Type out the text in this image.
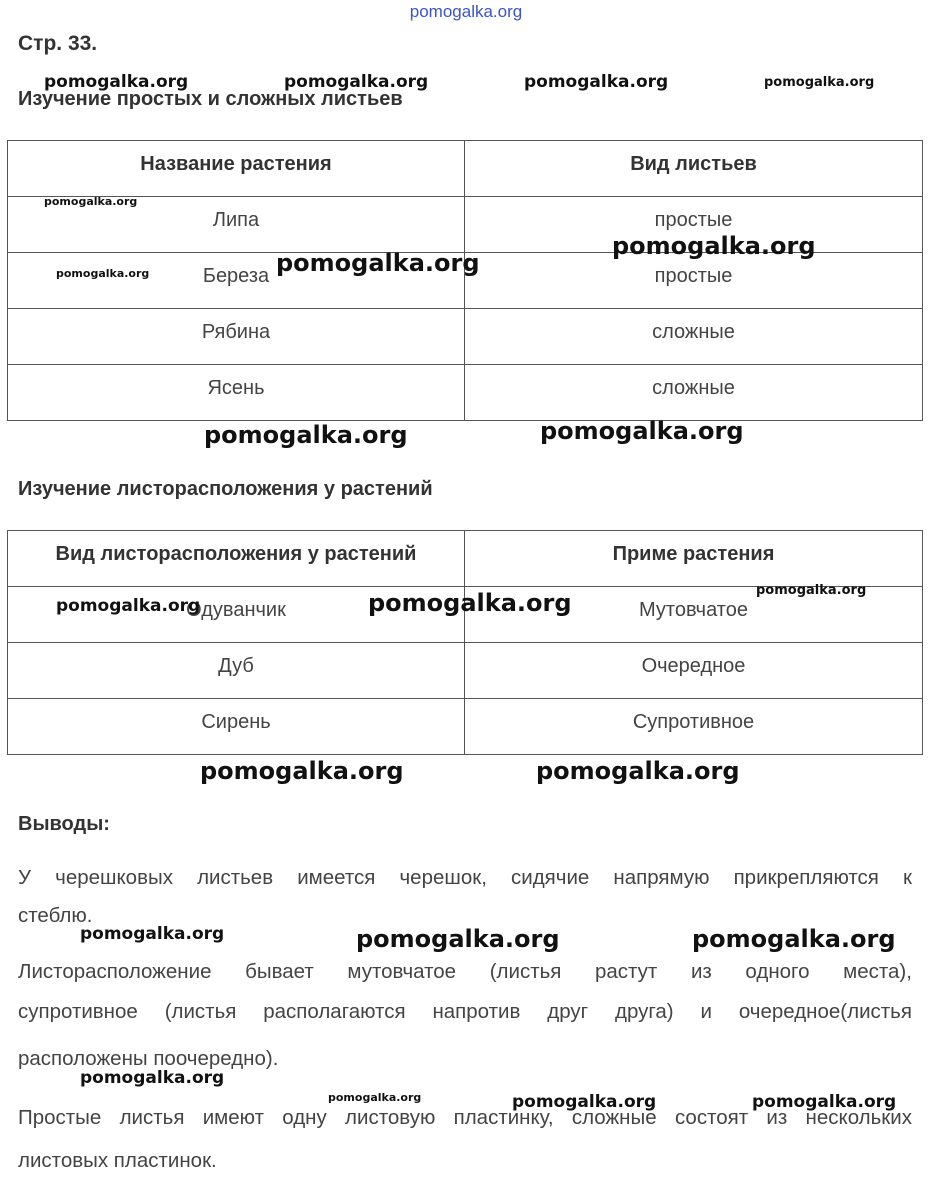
pomogalka.org
Стр. 33.
Изучение простых и сложных листьев
Название растения	Вид листьев

Липа	простые

Береза	простые

Рябина	сложные

Ясень	сложные
Изучение листорасположения у растений
Вид листорасположения у растений	Приме растения

Одуванчик	Мутовчатое

Дуб	Очередное

Сирень	Супротивное
Выводы:
У черешковых листьев имеется черешок, сидячие напрямую прикрепляются к
стеблю.
Листорасположение бывает мутовчатое (листья растут из одного места),
супротивное (листья располагаются напротив друг друга) и очередное(листья
расположены поочередно).
Простые листья имеют одну листовую пластинку, сложные состоят из нескольких
листовых пластинок.
pomogalka.org	pomogalka.org	pomogalka.org	pomogalka.org
pomogalka.org
pomogalka.org
pomogalka.org	pomogalka.org
pomogalka.org	pomogalka.org
pomogalka.org	pomogalka.org	pomogalka.org
pomogalka.org	pomogalka.org
pomogalka.org	pomogalka.org	pomogalka.org
pomogalka.org
pomogalka.org	pomogalka.org	pomogalka.org
